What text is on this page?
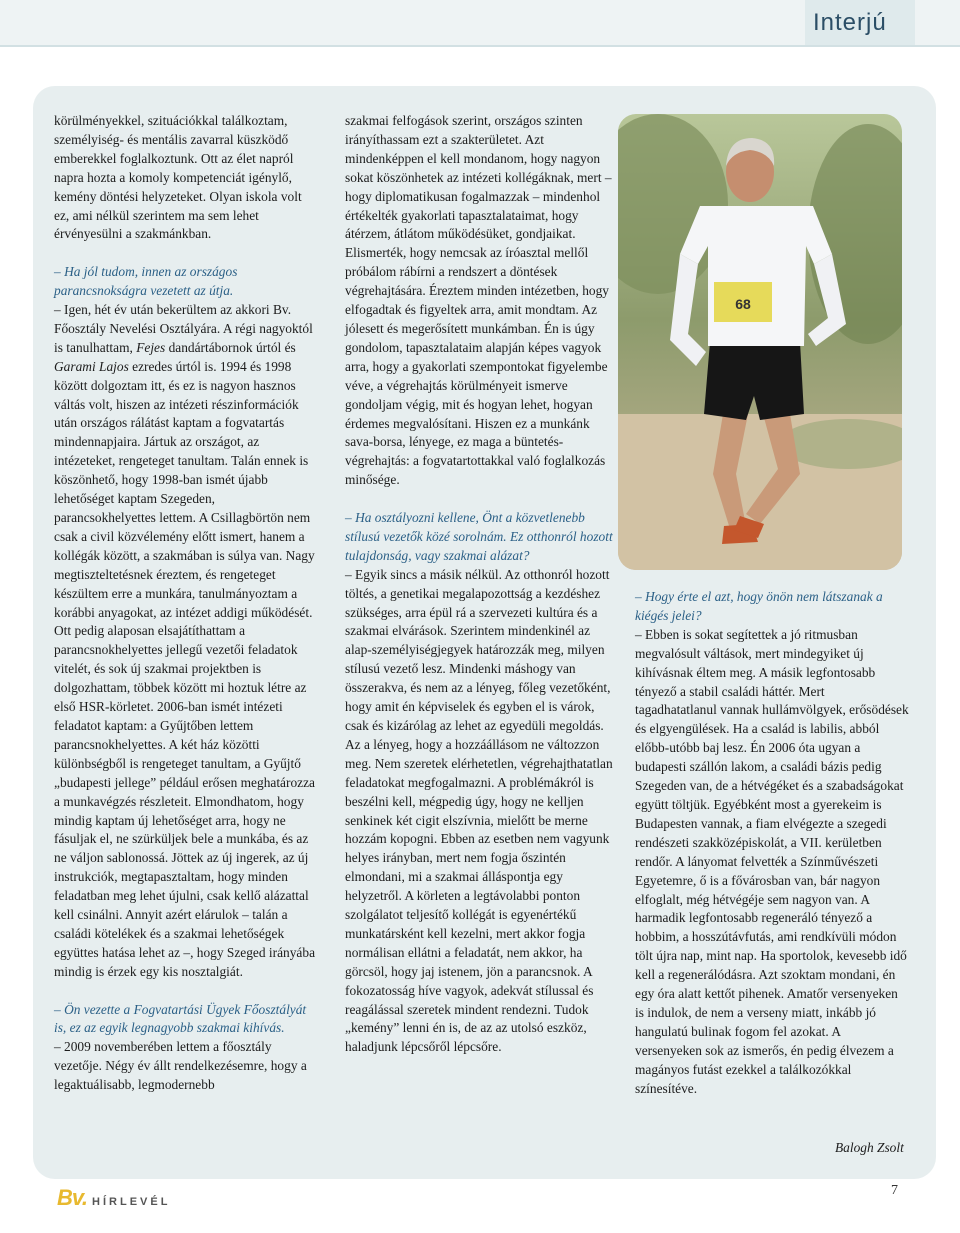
Interjú

körülményekkel, szituációkkal találkoztam, személyiség- és mentális zavarral küszködő emberekkel foglalkoztunk. Ott az élet napról napra hozta a komoly kompetenciát igénylő, kemény döntési helyzeteket. Olyan iskola volt ez, ami nélkül szerintem ma sem lehet érvényesülni a szakmánkban.

– Ha jól tudom, innen az országos parancsnokságra vezetett az útja.

– Igen, hét év után bekerültem az akkori Bv. Főosztály Nevelési Osztályára. A régi nagyoktól is tanulhattam, Fejes dandártábornok úrtól és Garami Lajos ezredes úrtól is. 1994 és 1998 között dolgoztam itt, és ez is nagyon hasznos váltás volt, hiszen az intézeti részinformációk után országos rálátást kaptam a fogvatartás mindennapjaira. Jártuk az országot, az intézeteket, rengeteget tanultam. Talán ennek is köszönhető, hogy 1998-ban ismét újabb lehetőséget kaptam Szegeden, parancsokhelyettes lettem. A Csillagbörtön nem csak a civil közvélemény előtt ismert, hanem a kollégák között, a szakmában is súlya van. Nagy megtiszteltetésnek éreztem, és rengeteget készültem erre a munkára, tanulmányoztam a korábbi anyagokat, az intézet addigi működését. Ott pedig alaposan elsajátíthattam a parancsnokhelyettes jellegű vezetői feladatok vitelét, és sok új szakmai projektben is dolgozhattam, többek között mi hoztuk létre az első HSR-körletet. 2006-ban ismét intézeti feladatot kaptam: a Gyűjtőben lettem parancsnokhelyettes. A két ház közötti különbségből is rengeteget tanultam, a Gyűjtő „budapesti jellege” például erősen meghatározza a munkavégzés részleteit. Elmondhatom, hogy mindig kaptam új lehetőséget arra, hogy ne fásuljak el, ne szürküljek bele a munkába, és az ne váljon sablonossá. Jöttek az új ingerek, az új instrukciók, megtapasztaltam, hogy minden feladatban meg lehet újulni, csak kellő alázattal kell csinálni. Annyit azért elárulok – talán a családi kötelékek és a szakmai lehetőségek együttes hatása lehet az –, hogy Szeged irányába mindig is érzek egy kis nosztalgiát.

– Ön vezette a Fogvatartási Ügyek Főosztályát is, ez az egyik legnagyobb szakmai kihívás.

– 2009 novemberében lettem a főosztály vezetője. Négy év állt rendelkezésemre, hogy a legaktuálisabb, legmodernebb

szakmai felfogások szerint, országos szinten irányíthassam ezt a szakterületet. Azt mindenképpen el kell mondanom, hogy nagyon sokat köszönhetek az intézeti kollégáknak, mert – hogy diplomatikusan fogalmazzak – mindenhol értékelték gyakorlati tapasztalataimat, hogy átérzem, átlátom működésüket, gondjaikat. Elismerték, hogy nemcsak az íróasztal mellől próbálom rábírni a rendszert a döntések végrehajtására. Éreztem minden intézetben, hogy elfogadtak és figyeltek arra, amit mondtam. Az jólesett és megerősített munkámban. Én is úgy gondolom, tapasztalataim alapján képes vagyok arra, hogy a gyakorlati szempontokat figyelembe véve, a végrehajtás körülményeit ismerve gondoljam végig, mit és hogyan lehet, hogyan érdemes megvalósítani. Hiszen ez a munkánk sava-borsa, lényege, ez maga a büntetés-végrehajtás: a fogvatartottakkal való foglalkozás minősége.

– Ha osztályozni kellene, Önt a közvetlenebb stílusú vezetők közé sorolnám. Ez otthonról hozott tulajdonság, vagy szakmai alázat?

– Egyik sincs a másik nélkül. Az otthonról hozott töltés, a genetikai megalapozottság a kezdéshez szükséges, arra épül rá a szervezeti kultúra és a szakmai elvárások. Szerintem mindenkinél az alap-személyiségjegyek határozzák meg, milyen stílusú vezető lesz. Mindenki máshogy van összerakva, és nem az a lényeg, főleg vezetőként, hogy amit én képviselek és egyben el is várok, csak és kizárólag az lehet az egyedüli megoldás. Az a lényeg, hogy a hozzáállásom ne változzon meg. Nem szeretek elérhetetlen, végrehajthatatlan feladatokat megfogalmazni. A problémákról is beszélni kell, mégpedig úgy, hogy ne kelljen senkinek két cigit elszívnia, mielőtt be merne hozzám kopogni. Ebben az esetben nem vagyunk helyes irányban, mert nem fogja őszintén elmondani, mi a szakmai álláspontja egy helyzetről. A körleten a legtávolabbi ponton szolgálatot teljesítő kollégát is egyenértékű munkatársként kell kezelni, mert akkor fogja normálisan ellátni a feladatát, nem akkor, ha görcsöl, hogy jaj istenem, jön a parancsnok. A fokozatosság híve vagyok, adekvát stílussal és reagálással szeretek mindent rendezni. Tudok „kemény” lenni én is, de az az utolsó eszköz, haladjunk lépcsőről lépcsőre.

68

– Hogy érte el azt, hogy önön nem látszanak a kiégés jelei?

– Ebben is sokat segítettek a jó ritmusban megvalósult váltások, mert mindegyiket új kihívásnak éltem meg. A másik legfontosabb tényező a stabil családi háttér. Mert tagadhatatlanul vannak hullámvölgyek, erősödések és elgyengülések. Ha a család is labilis, abból előbb-utóbb baj lesz. Én 2006 óta ugyan a budapesti szállón lakom, a családi bázis pedig Szegeden van, de a hétvégéket és a szabadságokat együtt töltjük. Egyébként most a gyerekeim is Budapesten vannak, a fiam elvégezte a szegedi rendészeti szakközépiskolát, a VII. kerületben rendőr. A lányomat felvették a Színművészeti Egyetemre, ő is a fővárosban van, bár nagyon elfoglalt, még hétvégéje sem nagyon van. A harmadik legfontosabb regeneráló tényező a hobbim, a hosszútávfutás, ami rendkívüli módon tölt újra nap, mint nap. Ha sportolok, kevesebb idő kell a regenerálódásra. Azt szoktam mondani, én egy óra alatt kettőt pihenek. Amatőr versenyeken is indulok, de nem a verseny miatt, inkább jó hangulatú bulinak fogom fel azokat. A versenyeken sok az ismerős, én pedig élvezem a magányos futást ezekkel a találkozókkal színesítéve.

Balogh Zsolt
Bv. HÍRLEVÉL
7
